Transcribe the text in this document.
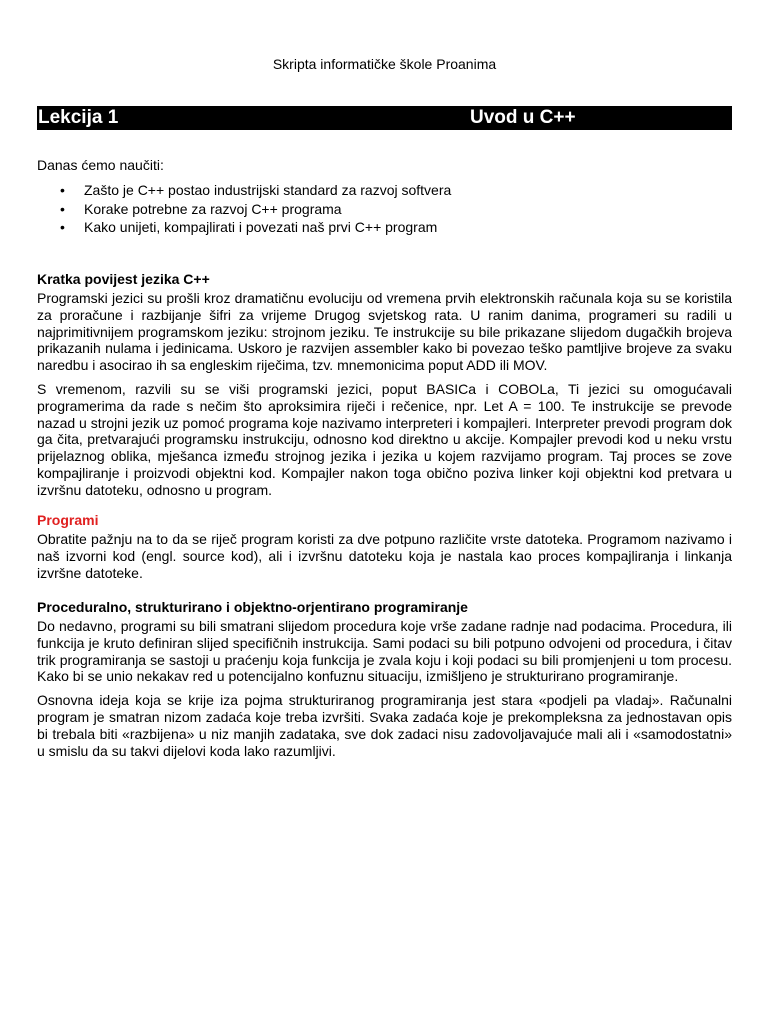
Skripta informatičke škole Proanima
Lekcija 1	Uvod u C++
Danas ćemo naučiti:
• Zašto je C++ postao industrijski standard za razvoj softvera
• Korake potrebne za razvoj C++ programa
• Kako unijeti, kompajlirati i povezati naš prvi C++ program
Kratka povijest jezika C++

Programski jezici su prošli kroz dramatičnu evoluciju od vremena prvih elektronskih računala koja su se koristila za proračune i razbijanje šifri za vrijeme Drugog svjetskog rata. U ranim danima, programeri su radili u najprimitivnijem programskom jeziku: strojnom jeziku. Te instrukcije su bile prikazane slijedom dugačkih brojeva prikazanih nulama i jedinicama. Uskoro je razvijen assembler kako bi povezao teško pamtljive brojeve za svaku naredbu i asocirao ih sa engleskim riječima, tzv. mnemonicima poput ADD ili MOV.

S vremenom, razvili su se viši programski jezici, poput BASICa i COBOLa, Ti jezici su omogućavali programerima da rade s nečim što aproksimira riječi i rečenice, npr. Let A = 100. Te instrukcije se prevode nazad u strojni jezik uz pomoć programa koje nazivamo interpreteri i kompajleri. Interpreter prevodi program dok ga čita, pretvarajući programsku instrukciju, odnosno kod direktno u akcije. Kompajler prevodi kod u neku vrstu prijelaznog oblika, mješanca između strojnog jezika i jezika u kojem razvijamo program. Taj proces se zove kompajliranje i proizvodi objektni kod. Kompajler nakon toga obično poziva linker koji objektni kod pretvara u izvršnu datoteku, odnosno u program.

Programi

Obratite pažnju na to da se riječ program koristi za dve potpuno različite vrste datoteka. Programom nazivamo i naš izvorni kod (engl. source kod), ali i izvršnu datoteku koja je nastala kao proces kompajliranja i linkanja izvršne datoteke.

Proceduralno, strukturirano i objektno-orjentirano programiranje

Do nedavno, programi su bili smatrani slijedom procedura koje vrše zadane radnje nad podacima. Procedura, ili funkcija je kruto definiran slijed specifičnih instrukcija. Sami podaci su bili potpuno odvojeni od procedura, i čitav trik programiranja se sastoji u praćenju koja funkcija je zvala koju i koji podaci su bili promjenjeni u tom procesu. Kako bi se unio nekakav red u potencijalno konfuznu situaciju, izmišljeno je strukturirano programiranje.

Osnovna ideja koja se krije iza pojma strukturiranog programiranja jest stara «podjeli pa vladaj». Računalni program je smatran nizom zadaća koje treba izvršiti. Svaka zadaća koje je prekompleksna za jednostavan opis bi trebala biti «razbijena» u niz manjih zadataka, sve dok zadaci nisu zadovoljavajuće mali ali i «samodostatni» u smislu da su takvi dijelovi koda lako razumljivi.
